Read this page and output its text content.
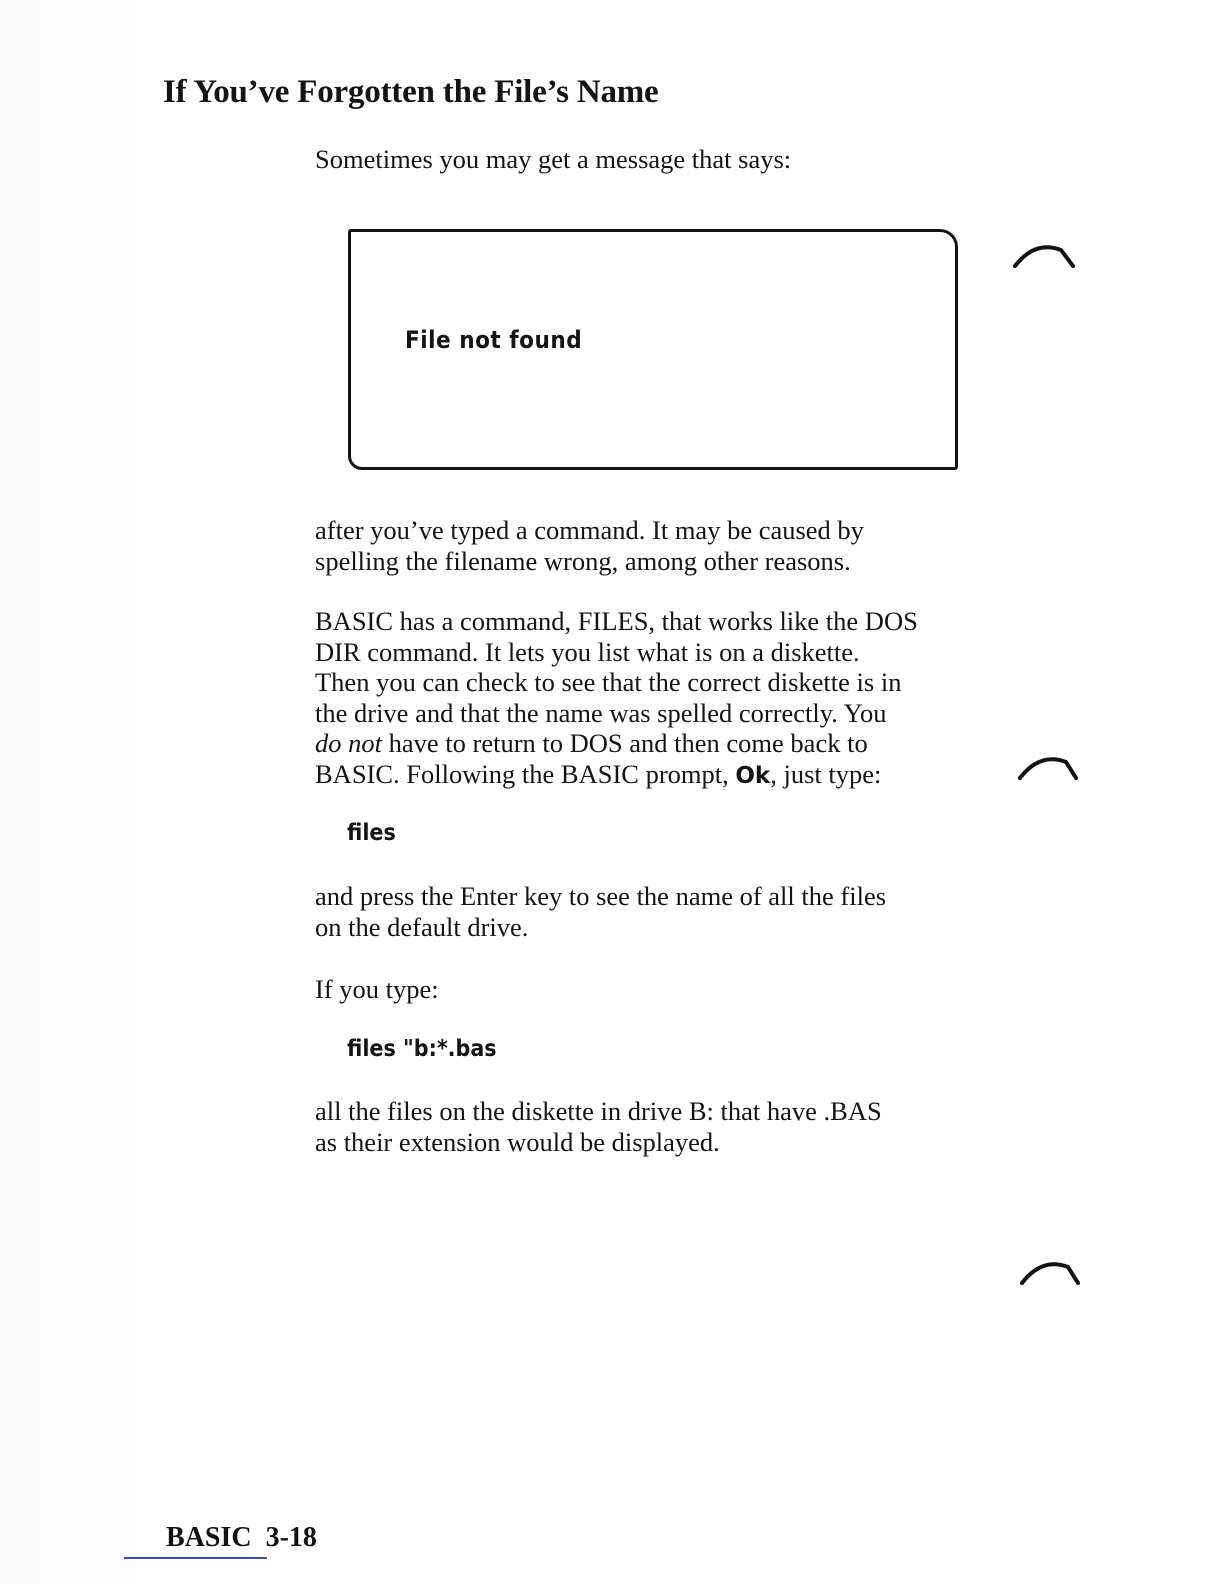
If You’ve Forgotten the File’s Name

Sometimes you may get a message that says:

File not found

after you’ve typed a command. It may be caused by
spelling the filename wrong, among other reasons.

BASIC has a command, FILES, that works like the DOS
DIR command. It lets you list what is on a diskette.
Then you can check to see that the correct diskette is in
the drive and that the name was spelled correctly. You
do not have to return to DOS and then come back to
BASIC. Following the BASIC prompt, Ok, just type:

files

and press the Enter key to see the name of all the files
on the default drive.

If you type:

files "b:*.bas

all the files on the diskette in drive B: that have .BAS
as their extension would be displayed.

BASIC 3-18
